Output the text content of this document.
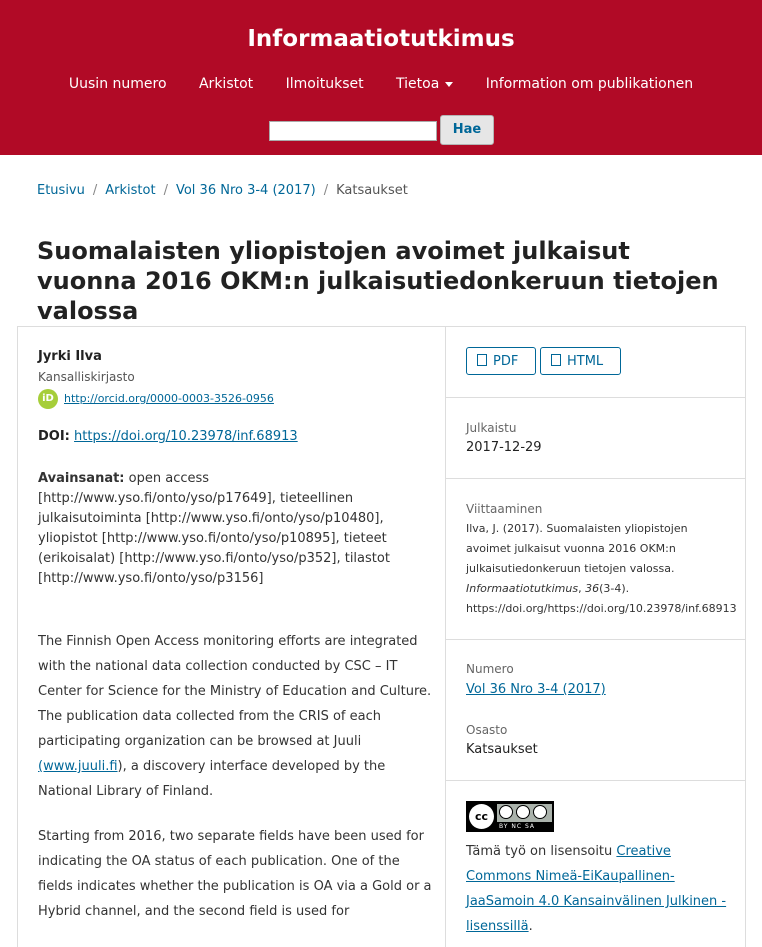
Informaatiotutkimus
Uusin numero Arkistot Ilmoitukset Tietoa	Information om publikationen
Hae
Etusivu / Arkistot / Vol 36 Nro 3-4 (2017) / Katsaukset
Suomalaisten yliopistojen avoimet julkaisut vuonna 2016 OKM:n julkaisutiedonkeruun tietojen valossa
Jyrki Ilva
Kansalliskirjasto
iD http://orcid.org/0000-0003-3526-0956
DOI: https://doi.org/10.23978/inf.68913
Avainsanat: open access [http://www.yso.fi/onto/yso/p17649], tieteellinen julkaisutoiminta [http://www.yso.fi/onto/yso/p10480], yliopistot [http://www.yso.fi/onto/yso/p10895], tieteet (erikoisalat) [http://www.yso.fi/onto/yso/p352], tilastot [http://www.yso.fi/onto/yso/p3156]

The Finnish Open Access monitoring efforts are integrated with the national data collection conducted by CSC – IT Center for Science for the Ministry of Education and Culture. The publication data collected from the CRIS of each participating organization can be browsed at Juuli (www.juuli.fi), a discovery interface developed by the National Library of Finland.

Starting from 2016, two separate fields have been used for indicating the OA status of each publication. One of the fields indicates whether the publication is OA via a Gold or a Hybrid channel, and the second field is used for

PDF	HTML
Julkaistu
2017-12-29
Viittaaminen
Ilva, J. (2017). Suomalaisten yliopistojen avoimet julkaisut vuonna 2016 OKM:n julkaisutiedonkeruun tietojen valossa. Informaatiotutkimus, 36(3-4). https://doi.org/https://doi.org/10.23978/inf.68913
Numero
Vol 36 Nro 3-4 (2017)
Osasto
Katsaukset
cc
BY NC SA
Tämä työ on lisensoitu Creative Commons Nimeä-EiKaupallinen-JaaSamoin 4.0 Kansainvälinen Julkinen -lisenssillä.
